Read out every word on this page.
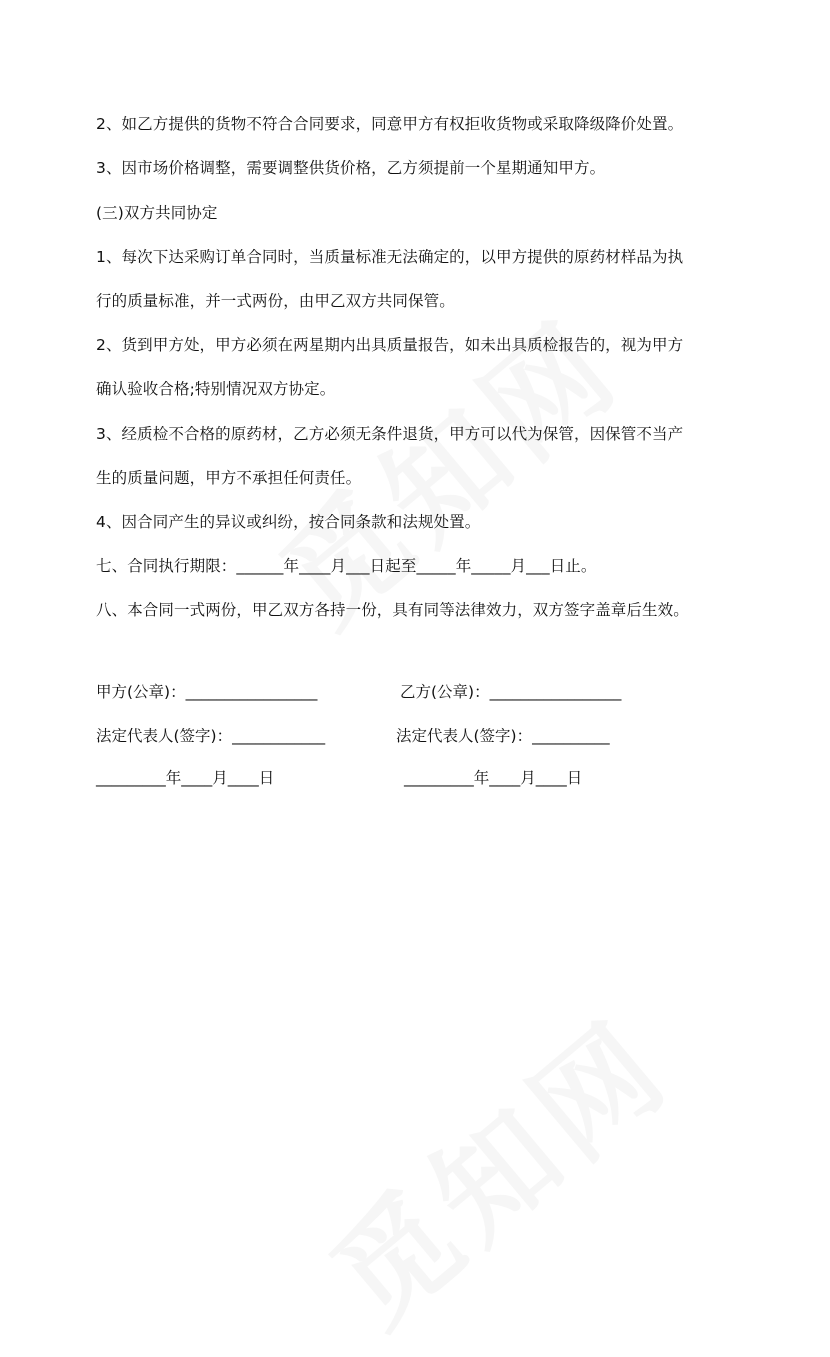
2、如乙方提供的货物不符合合同要求，同意甲方有权拒收货物或采取降级降价处置。
3、因市场价格调整，需要调整供货价格，乙方须提前一个星期通知甲方。
(三)双方共同协定
1、每次下达采购订单合同时，当质量标准无法确定的，以甲方提供的原药材样品为执
行的质量标准，并一式两份，由甲乙双方共同保管。
2、货到甲方处，甲方必须在两星期内出具质量报告，如未出具质检报告的，视为甲方
确认验收合格;特别情况双方协定。
3、经质检不合格的原药材，乙方必须无条件退货，甲方可以代为保管，因保管不当产
生的质量问题，甲方不承担任何责任。
4、因合同产生的异议或纠纷，按合同条款和法规处置。
七、合同执行期限：______年____月___日起至_____年_____月___日止。
八、本合同一式两份，甲乙双方各持一份，具有同等法律效力，双方签字盖章后生效。
甲方(公章)：_________________	乙方(公章)：_________________
法定代表人(签字)：____________	法定代表人(签字)：__________
_________年____月____日	_________年____月____日
